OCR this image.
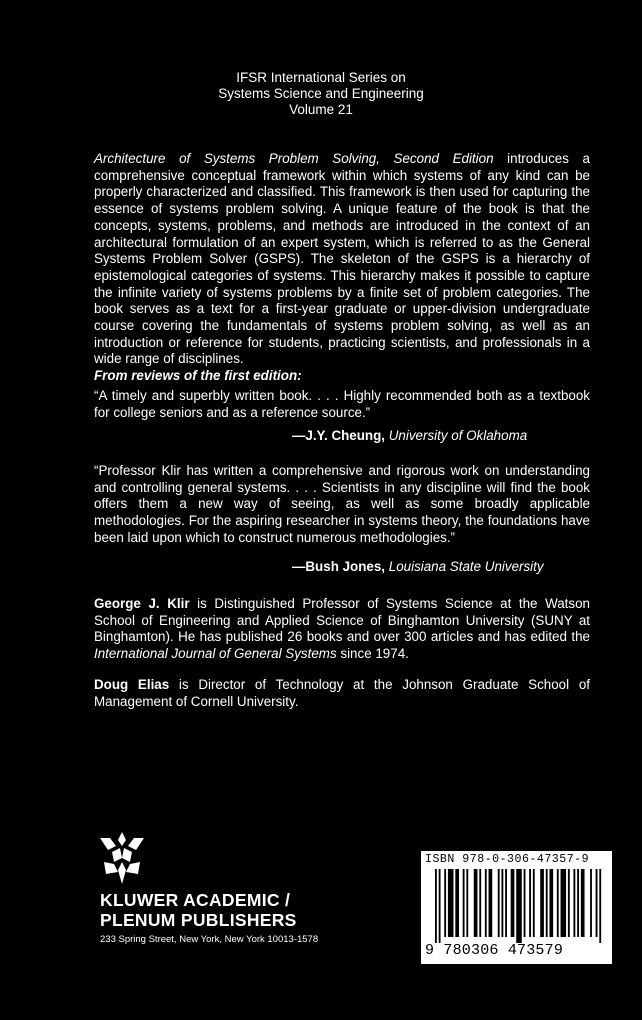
IFSR International Series on
Systems Science and Engineering
Volume 21
Architecture of Systems Problem Solving, Second Edition introduces a comprehensive conceptual framework within which systems of any kind can be properly characterized and classified. This framework is then used for capturing the essence of systems problem solving. A unique feature of the book is that the concepts, systems, problems, and methods are introduced in the context of an architectural formulation of an expert system, which is referred to as the General Systems Problem Solver (GSPS). The skeleton of the GSPS is a hierarchy of epistemological categories of systems. This hierarchy makes it possible to capture the infinite variety of systems problems by a finite set of problem categories. The book serves as a text for a first-year graduate or upper-division undergraduate course covering the fundamentals of systems problem solving, as well as an introduction or reference for students, practicing scientists, and professionals in a wide range of disciplines.
From reviews of the first edition:
“A timely and superbly written book. . . . Highly recommended both as a textbook for college seniors and as a reference source.”
—J.Y. Cheung, University of Oklahoma
“Professor Klir has written a comprehensive and rigorous work on understanding and controlling general systems. . . . Scientists in any discipline will find the book offers them a new way of seeing, as well as some broadly applicable methodologies. For the aspiring researcher in systems theory, the foundations have been laid upon which to construct numerous methodologies.”
—Bush Jones, Louisiana State University
George J. Klir is Distinguished Professor of Systems Science at the Watson School of Engineering and Applied Science of Binghamton University (SUNY at Binghamton). He has published 26 books and over 300 articles and has edited the International Journal of General Systems since 1974.
Doug Elias is Director of Technology at the Johnson Graduate School of Management of Cornell University.
KLUWER ACADEMIC /
PLENUM PUBLISHERS
233 Spring Street, New York, New York 10013-1578
ISBN 978-0-306-47357-9
9 780306 473579
